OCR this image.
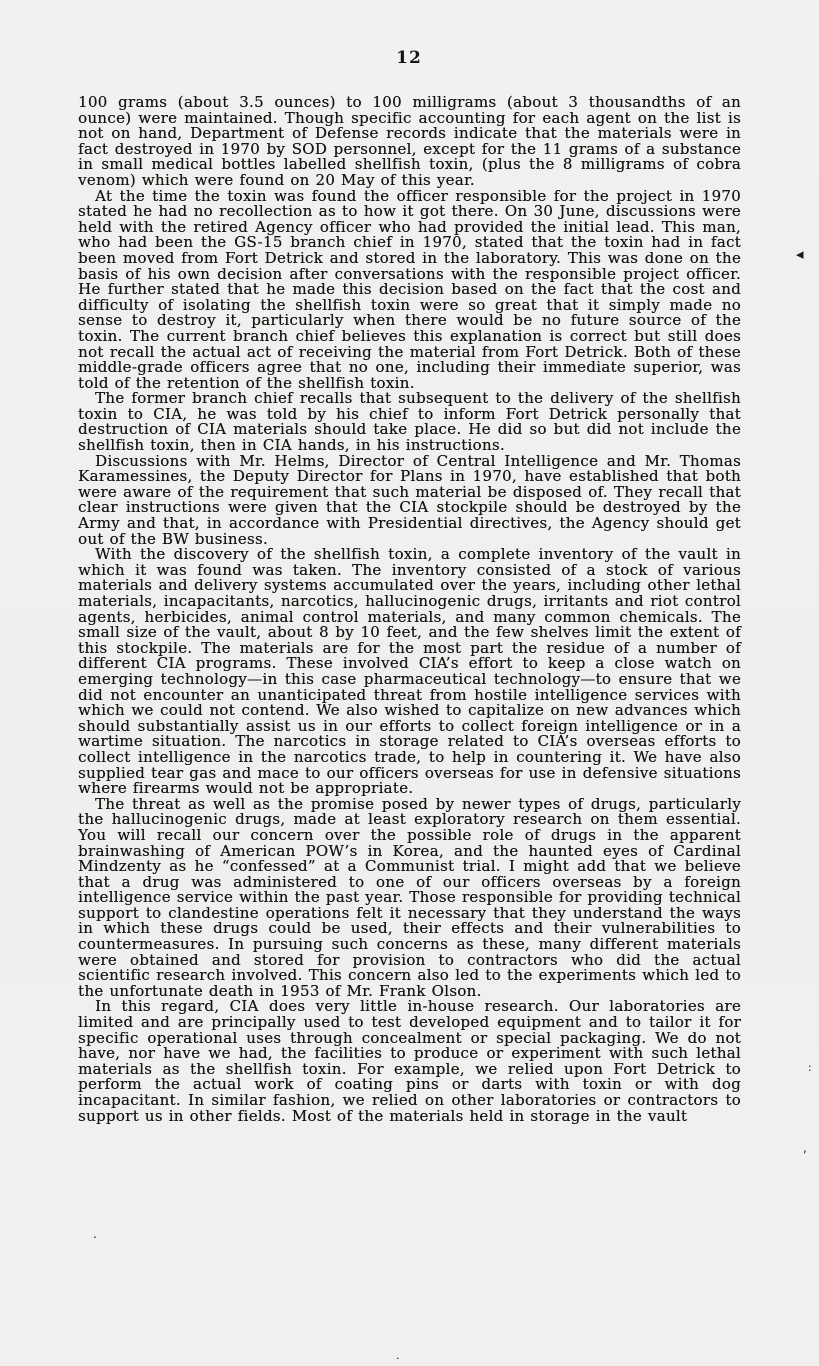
12

100 grams (about 3.5 ounces) to 100 milligrams (about 3 thousandths of an ounce) were maintained. Though specific accounting for each agent on the list is not on hand, Department of Defense records indicate that the materials were in fact destroyed in 1970 by SOD personnel, except for the 11 grams of a substance in small medical bottles labelled shellfish toxin, (plus the 8 milligrams of cobra venom) which were found on 20 May of this year.

At the time the toxin was found the officer responsible for the project in 1970 stated he had no recollection as to how it got there. On 30 June, discussions were held with the retired Agency officer who had provided the initial lead. This man, who had been the GS-15 branch chief in 1970, stated that the toxin had in fact been moved from Fort Detrick and stored in the laboratory. This was done on the basis of his own decision after conversations with the responsible project officer. He further stated that he made this decision based on the fact that the cost and difficulty of isolating the shellfish toxin were so great that it simply made no sense to destroy it, particularly when there would be no future source of the toxin. The current branch chief believes this explanation is correct but still does not recall the actual act of receiving the material from Fort Detrick. Both of these middle-grade officers agree that no one, including their immediate superior, was told of the retention of the shellfish toxin.

The former branch chief recalls that subsequent to the delivery of the shellfish toxin to CIA, he was told by his chief to inform Fort Detrick personally that destruction of CIA materials should take place. He did so but did not include the shellfish toxin, then in CIA hands, in his instructions.

Discussions with Mr. Helms, Director of Central Intelligence and Mr. Thomas Karamessines, the Deputy Director for Plans in 1970, have established that both were aware of the requirement that such material be disposed of. They recall that clear instructions were given that the CIA stockpile should be destroyed by the Army and that, in accordance with Presidential directives, the Agency should get out of the BW business.

With the discovery of the shellfish toxin, a complete inventory of the vault in which it was found was taken. The inventory consisted of a stock of various materials and delivery systems accumulated over the years, including other lethal materials, incapacitants, narcotics, hallucinogenic drugs, irritants and riot control agents, herbicides, animal control materials, and many common chemicals. The small size of the vault, about 8 by 10 feet, and the few shelves limit the extent of this stockpile. The materials are for the most part the residue of a number of different CIA programs. These involved CIA’s effort to keep a close watch on emerging technology—in this case pharmaceutical technology—to ensure that we did not encounter an unanticipated threat from hostile intelligence services with which we could not contend. We also wished to capitalize on new advances which should substantially assist us in our efforts to collect foreign intelligence or in a wartime situation. The narcotics in storage related to CIA’s overseas efforts to collect intelligence in the narcotics trade, to help in countering it. We have also supplied tear gas and mace to our officers overseas for use in defensive situations where firearms would not be appropriate.

The threat as well as the promise posed by newer types of drugs, particularly the hallucinogenic drugs, made at least exploratory research on them essential. You will recall our concern over the possible role of drugs in the apparent brainwashing of American POW’s in Korea, and the haunted eyes of Cardinal Mindzenty as he “confessed” at a Communist trial. I might add that we believe that a drug was administered to one of our officers overseas by a foreign intelligence service within the past year. Those responsible for providing technical support to clandestine operations felt it necessary that they understand the ways in which these drugs could be used, their effects and their vulnerabilities to countermeasures. In pursuing such concerns as these, many different materials were obtained and stored for provision to contractors who did the actual scientific research involved. This concern also led to the experiments which led to the unfortunate death in 1953 of Mr. Frank Olson.

In this regard, CIA does very little in-house research. Our laboratories are limited and are principally used to test developed equipment and to tailor it for specific operational uses through concealment or special packaging. We do not have, nor have we had, the facilities to produce or experiment with such lethal materials as the shellfish toxin. For example, we relied upon Fort Detrick to perform the actual work of coating pins or darts with toxin or with dog incapacitant. In similar fashion, we relied on other laboratories or contractors to support us in other fields. Most of the materials held in storage in the vault

◂
:
,
.
.
